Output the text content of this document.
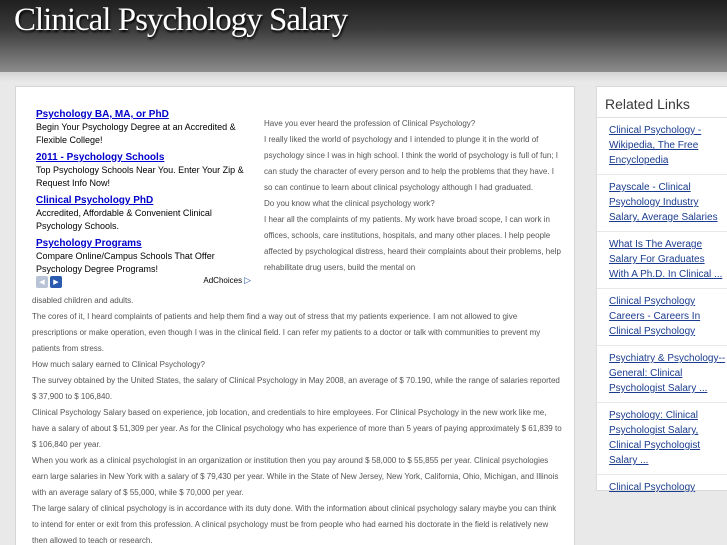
Clinical Psychology Salary
Psychology BA, MA, or PhD
Begin Your Psychology Degree at an Accredited & Flexible College!
2011 - Psychology Schools
Top Psychology Schools Near You. Enter Your Zip & Request Info Now!
Clinical Psychology PhD
Accredited, Affordable & Convenient Clinical Psychology Schools.
Psychology Programs
Compare Online/Campus Schools That Offer Psychology Degree Programs!
◀	▶	AdChoices ▷

Have you ever heard the profession of Clinical Psychology?

I really liked the world of psychology and I intended to plunge it in the world of psychology since I was in high school. I think the world of psychology is full of fun; I can study the character of every person and to help the problems that they have. I so can continue to learn about clinical psychology although I had graduated.

Do you know what the clinical psychology work?

I hear all the complaints of my patients. My work have broad scope, I can work in offices, schools, care institutions, hospitals, and many other places. I help people affected by psychological distress, heard their complaints about their problems, help rehabilitate drug users, build the mental on

disabled children and adults.

The cores of it, I heard complaints of patients and help them find a way out of stress that my patients experience. I am not allowed to give prescriptions or make operation, even though I was in the clinical field. I can refer my patients to a doctor or talk with communities to prevent my patients from stress.

How much salary earned to Clinical Psychology?

The survey obtained by the United States, the salary of Clinical Psychology in May 2008, an average of $ 70.190, while the range of salaries reported $ 37,900 to $ 106,840.

Clinical Psychology Salary based on experience, job location, and credentials to hire employees. For Clinical Psychology in the new work like me, have a salary of about $ 51,309 per year. As for the Clinical psychology who has experience of more than 5 years of paying approximately $ 61,839 to $ 106,840 per year.

When you work as a clinical psychologist in an organization or institution then you pay around $ 58,000 to $ 55,855 per year. Clinical psychologies earn large salaries in New York with a salary of $ 79,430 per year. While in the State of New Jersey, New York, California, Ohio, Michigan, and Illinois with an average salary of $ 55,000, while $ 70,000 per year.

The large salary of clinical psychology is in accordance with its duty done. With the information about clinical psychology salary maybe you can think to intend for enter or exit from this profession. A clinical psychology must be from people who had earned his doctorate in the field is relatively new then allowed to teach or research.

Related Links
Clinical Psychology -
Wikipedia, The Free
Encyclopedia
Payscale - Clinical
Psychology Industry
Salary, Average Salaries
What Is The Average
Salary For Graduates
With A Ph.D. In Clinical ...
Clinical Psychology
Careers - Careers In
Clinical Psychology
Psychiatry & Psychology--
General: Clinical
Psychologist Salary ...
Psychology: Clinical
Psychologist Salary,
Clinical Psychologist
Salary ...
Clinical Psychology
